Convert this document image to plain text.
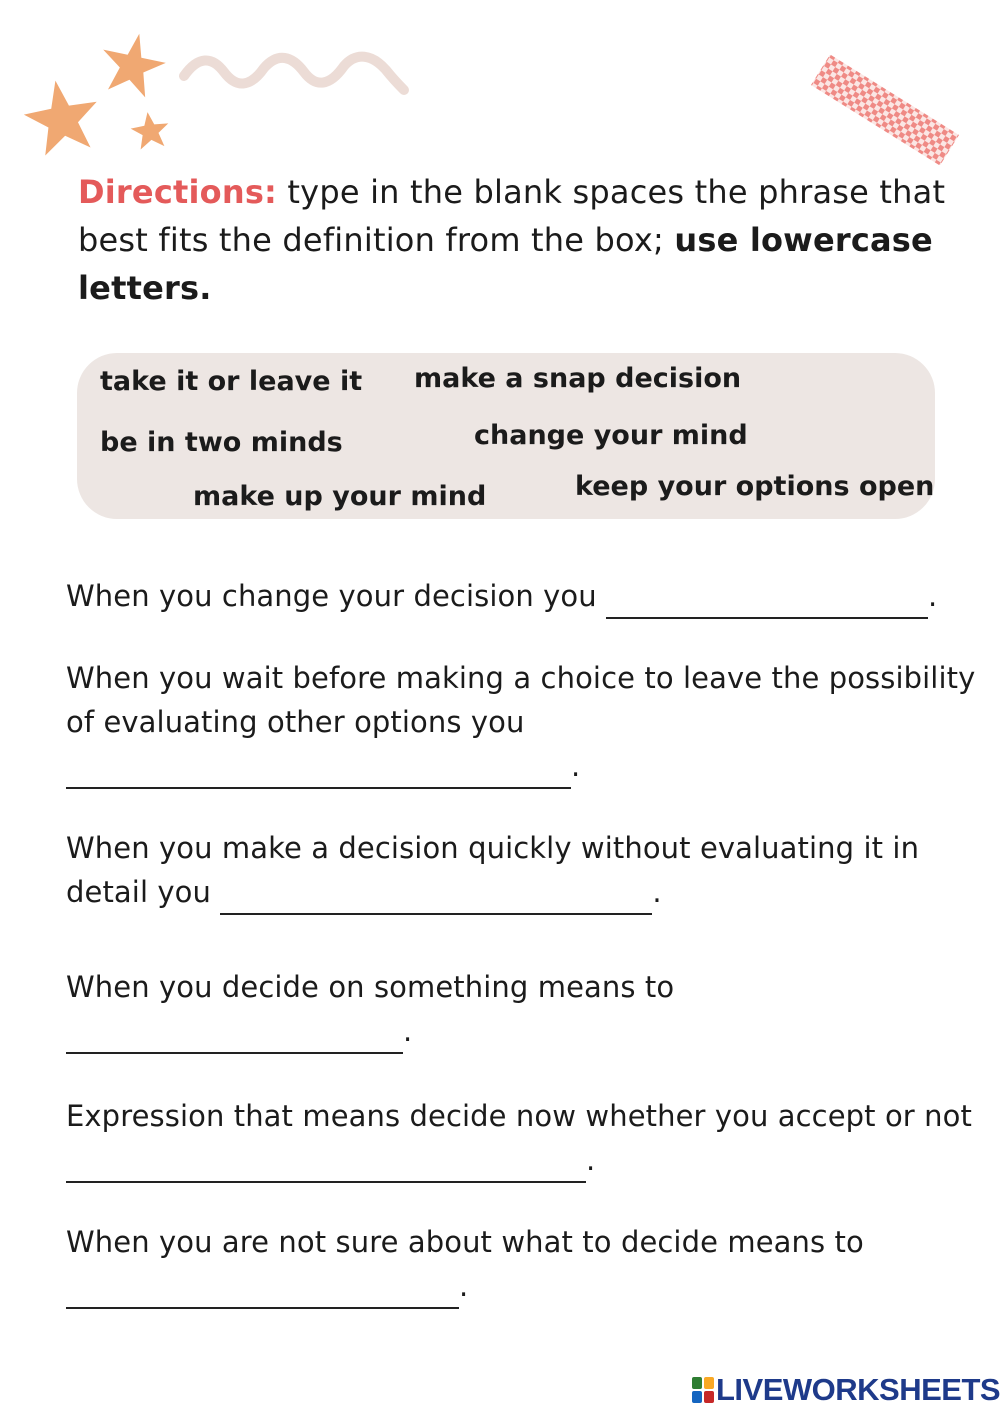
Directions: type in the blank spaces the phrase that best fits the definition from the box; use lowercase letters.
take it or leave it make a snap decision
be in two minds	change your mind
make up your mind	keep your options open
When you change your decision you	.
When you wait before making a choice to leave the possibility of evaluating other options you
.
When you make a decision quickly without evaluating it in detail you	.
When you decide on something means to
.
Expression that means decide now whether you accept or not.
When you are not sure about what to decide means to
.
LIVEWORKSHEETS
